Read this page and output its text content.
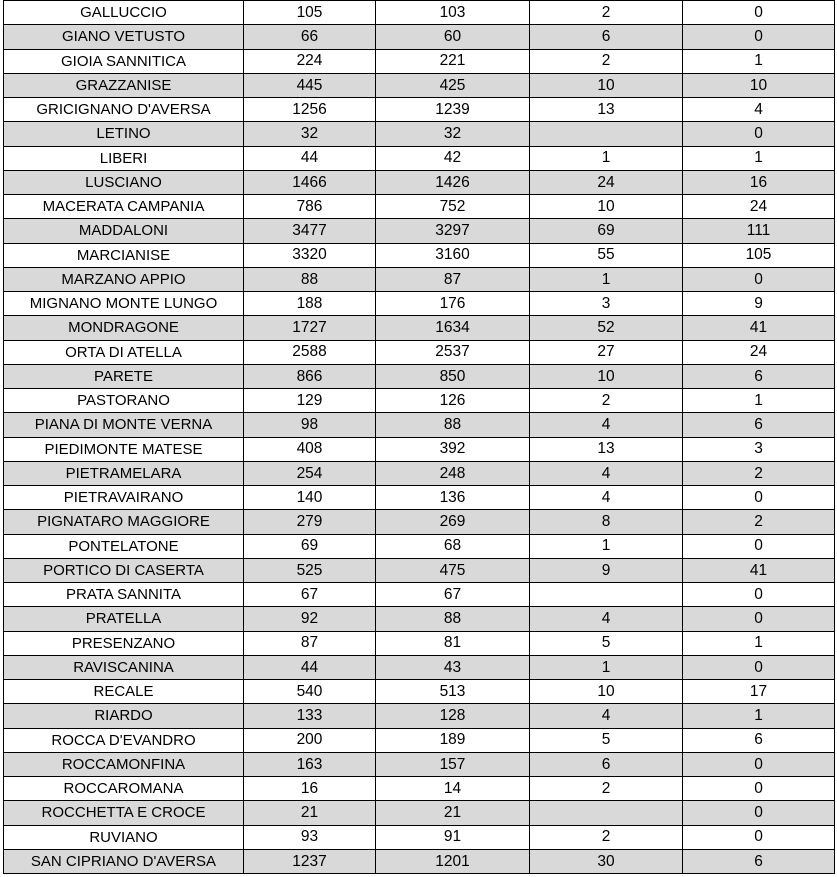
GALLUCCIO	105	103	2	0
GIANO VETUSTO	66	60	6	0
GIOIA SANNITICA	224	221	2	1
GRAZZANISE	445	425	10	10
GRICIGNANO D'AVERSA	1256	1239	13	4
LETINO	32	32		0
LIBERI	44	42	1	1
LUSCIANO	1466	1426	24	16
MACERATA CAMPANIA	786	752	10	24
MADDALONI	3477	3297	69	111
MARCIANISE	3320	3160	55	105
MARZANO APPIO	88	87	1	0
MIGNANO MONTE LUNGO	188	176	3	9
MONDRAGONE	1727	1634	52	41
ORTA DI ATELLA	2588	2537	27	24
PARETE	866	850	10	6
PASTORANO	129	126	2	1
PIANA DI MONTE VERNA	98	88	4	6
PIEDIMONTE MATESE	408	392	13	3
PIETRAMELARA	254	248	4	2
PIETRAVAIRANO	140	136	4	0
PIGNATARO MAGGIORE	279	269	8	2
PONTELATONE	69	68	1	0
PORTICO DI CASERTA	525	475	9	41
PRATA SANNITA	67	67		0
PRATELLA	92	88	4	0
PRESENZANO	87	81	5	1
RAVISCANINA	44	43	1	0
RECALE	540	513	10	17
RIARDO	133	128	4	1
ROCCA D'EVANDRO	200	189	5	6
ROCCAMONFINA	163	157	6	0
ROCCAROMANA	16	14	2	0
ROCCHETTA E CROCE	21	21		0
RUVIANO	93	91	2	0
SAN CIPRIANO D'AVERSA	1237	1201	30	6
